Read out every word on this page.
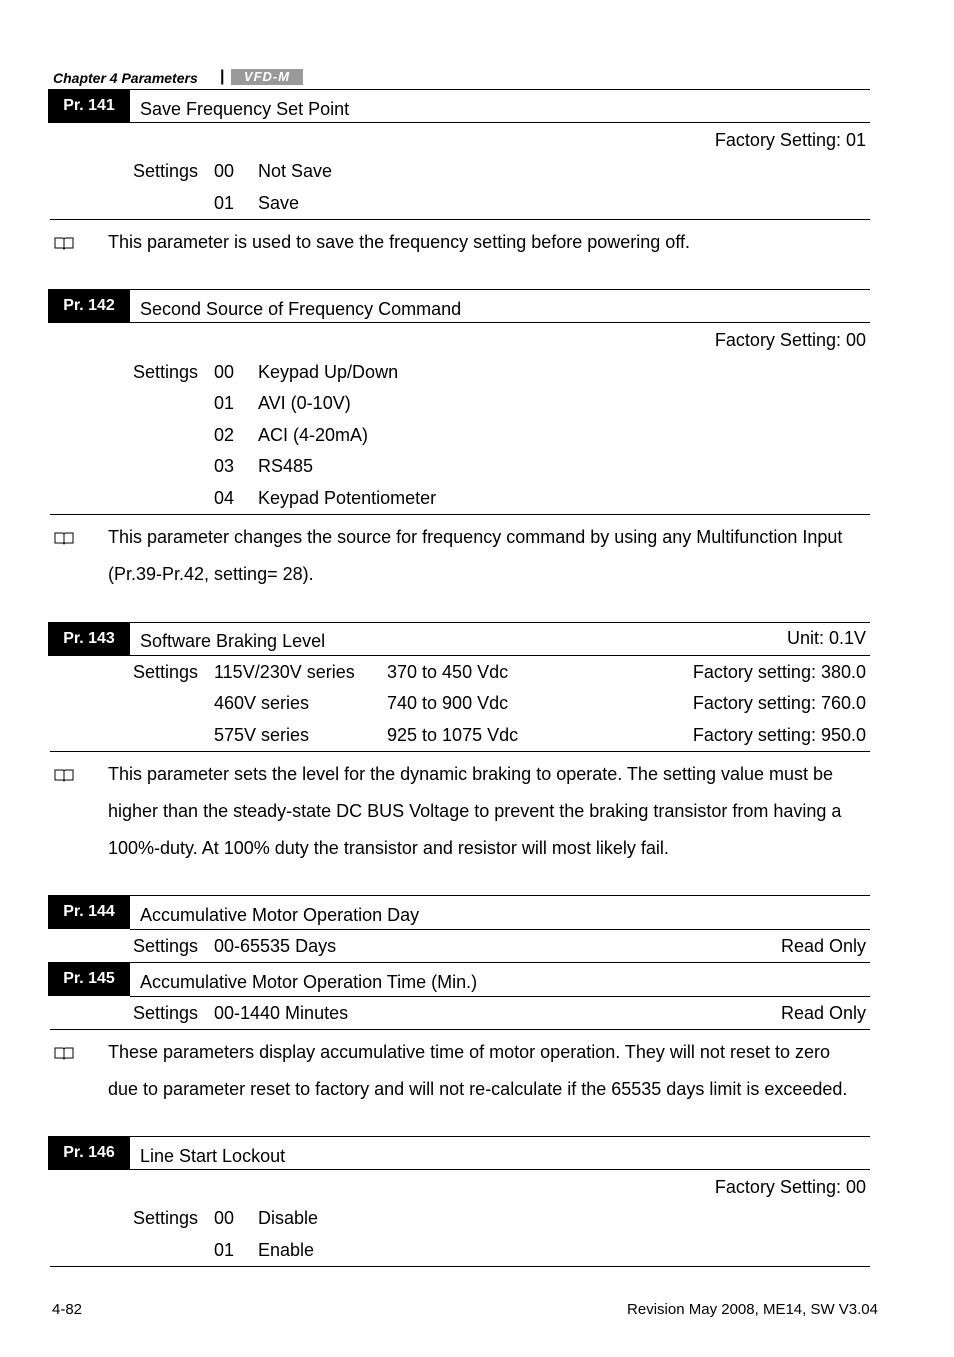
Chapter 4 Parameters |	VFD-M
Pr. 141	Save Frequency Set Point
Factory Setting: 01
Settings 00 Not Save
01 Save
This parameter is used to save the frequency setting before powering off.
Pr. 142	Second Source of Frequency Command
Factory Setting: 00
Settings 00 Keypad Up/Down
01 AVI (0-10V)
02 ACI (4-20mA)
03 RS485
04 Keypad Potentiometer
This parameter changes the source for frequency command by using any Multifunction Input
(Pr.39-Pr.42, setting= 28).
Pr. 143	Software Braking Level	Unit: 0.1V
Settings 115V/230V series 370 to 450 Vdc	Factory setting: 380.0
460V series	740 to 900 Vdc	Factory setting: 760.0
575V series	925 to 1075 Vdc	Factory setting: 950.0
This parameter sets the level for the dynamic braking to operate. The setting value must be
higher than the steady-state DC BUS Voltage to prevent the braking transistor from having a
100%-duty. At 100% duty the transistor and resistor will most likely fail.
Pr. 144	Accumulative Motor Operation Day
Settings 00-65535 Days	Read Only
Pr. 145	Accumulative Motor Operation Time (Min.)
Settings 00-1440 Minutes	Read Only
These parameters display accumulative time of motor operation. They will not reset to zero
due to parameter reset to factory and will not re-calculate if the 65535 days limit is exceeded.
Pr. 146	Line Start Lockout
Factory Setting: 00
Settings 00 Disable
01 Enable
4-82	Revision May 2008, ME14, SW V3.04
